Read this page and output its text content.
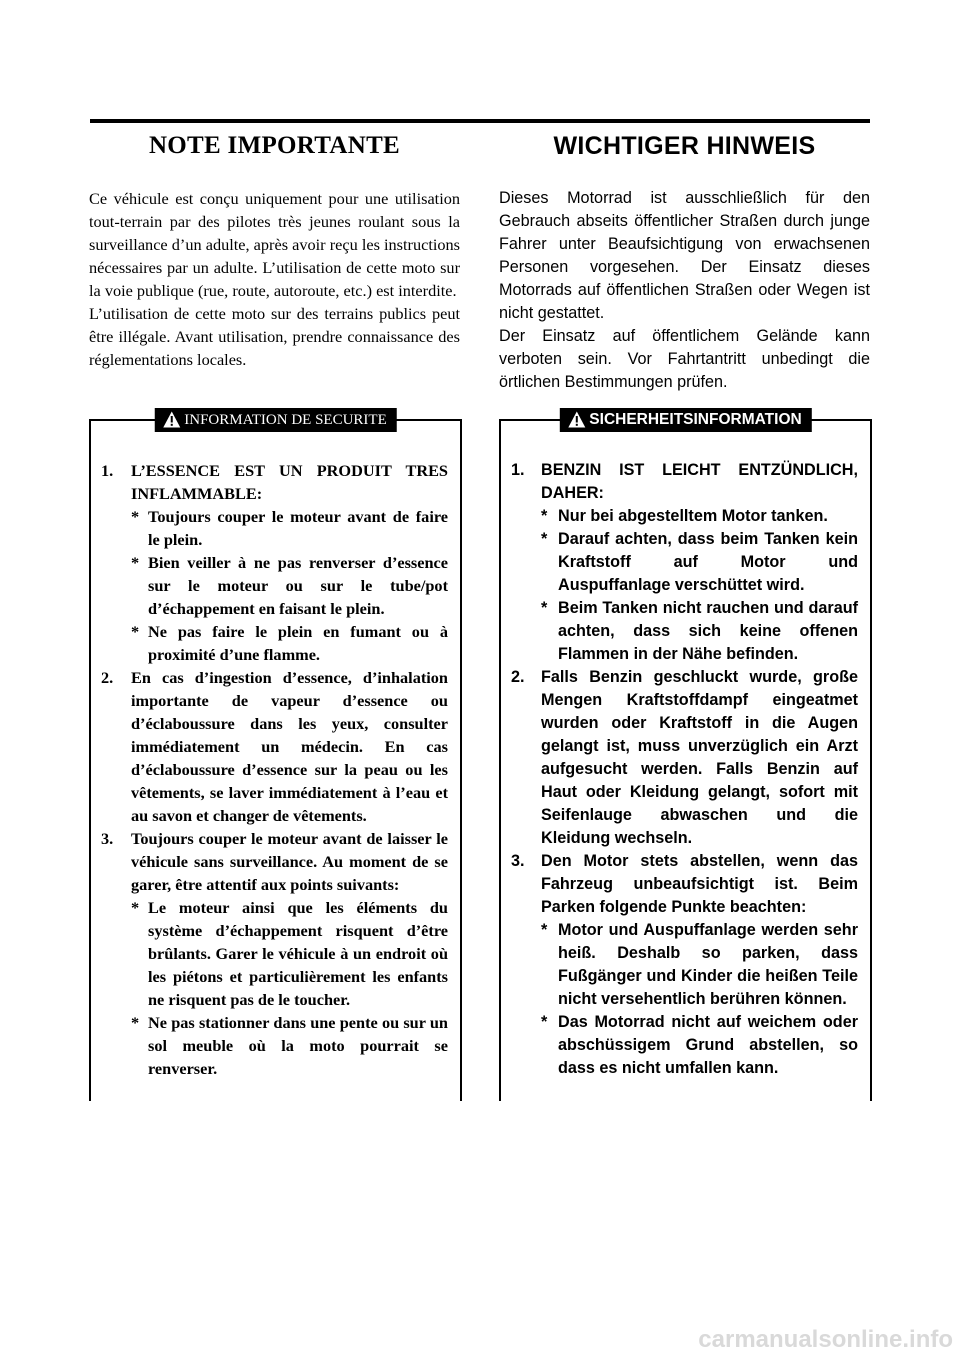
NOTE IMPORTANTE

Ce véhicule est conçu uniquement pour une utilisation tout-terrain par des pilotes très jeunes roulant sous la surveillance d’un adulte, après avoir reçu les instructions nécessaires par un adulte. L’utilisation de cette moto sur la voie publique (rue, route, autoroute, etc.) est interdite.

L’utilisation de cette moto sur des terrains publics peut être illégale. Avant utilisation, prendre connaissance des réglementations locales.

INFORMATION DE SECURITE
1. L’ESSENCE EST UN PRODUIT TRES INFLAMMABLE:
* Toujours couper le moteur avant de faire le plein.
* Bien veiller à ne pas renverser d’essence sur le moteur ou sur le tube/pot d’échappement en faisant le plein.
* Ne pas faire le plein en fumant ou à proximité d’une flamme.
2. En cas d’ingestion d’essence, d’inhalation importante de vapeur d’essence ou d’éclaboussure dans les yeux, consulter immédiatement un médecin. En cas d’éclaboussure d’essence sur la peau ou les vêtements, se laver immédiatement à l’eau et au savon et changer de vêtements.
3. Toujours couper le moteur avant de laisser le véhicule sans surveillance. Au moment de se garer, être attentif aux points suivants:
* Le moteur ainsi que les éléments du système d’échappement risquent d’être brûlants. Garer le véhicule à un endroit où les piétons et particulièrement les enfants ne risquent pas de le toucher.
* Ne pas stationner dans une pente ou sur un sol meuble où la moto pourrait se renverser.
WICHTIGER HINWEIS

Dieses Motorrad ist ausschließlich für den Gebrauch abseits öffentlicher Straßen durch junge Fahrer unter Beaufsichtigung von erwachsenen Personen vorgesehen. Der Einsatz dieses Motorrads auf öffentlichen Straßen oder Wegen ist nicht gestattet.

Der Einsatz auf öffentlichem Gelände kann verboten sein. Vor Fahrtantritt unbedingt die örtlichen Bestimmungen prüfen.

SICHERHEITSINFORMATION
1. BENZIN IST LEICHT ENTZÜNDLICH, DAHER:
* Nur bei abgestelltem Motor tanken.
* Darauf achten, dass beim Tanken kein Kraftstoff auf Motor und Auspuffanlage verschüttet wird.
* Beim Tanken nicht rauchen und darauf achten, dass sich keine offenen Flammen in der Nähe befinden.
2. Falls Benzin geschluckt wurde, große Mengen Kraftstoffdampf eingeatmet wurden oder Kraftstoff in die Augen gelangt ist, muss unverzüglich ein Arzt aufgesucht werden. Falls Benzin auf Haut oder Kleidung gelangt, sofort mit Seifenlauge abwaschen und die Kleidung wechseln.
3. Den Motor stets abstellen, wenn das Fahrzeug unbeaufsichtigt ist. Beim Parken folgende Punkte beachten:
* Motor und Auspuffanlage werden sehr heiß. Deshalb so parken, dass Fußgänger und Kinder die heißen Teile nicht versehentlich berühren können.
* Das Motorrad nicht auf weichem oder abschüssigem Grund abstellen, so dass es nicht umfallen kann.
carmanualsonline.info
